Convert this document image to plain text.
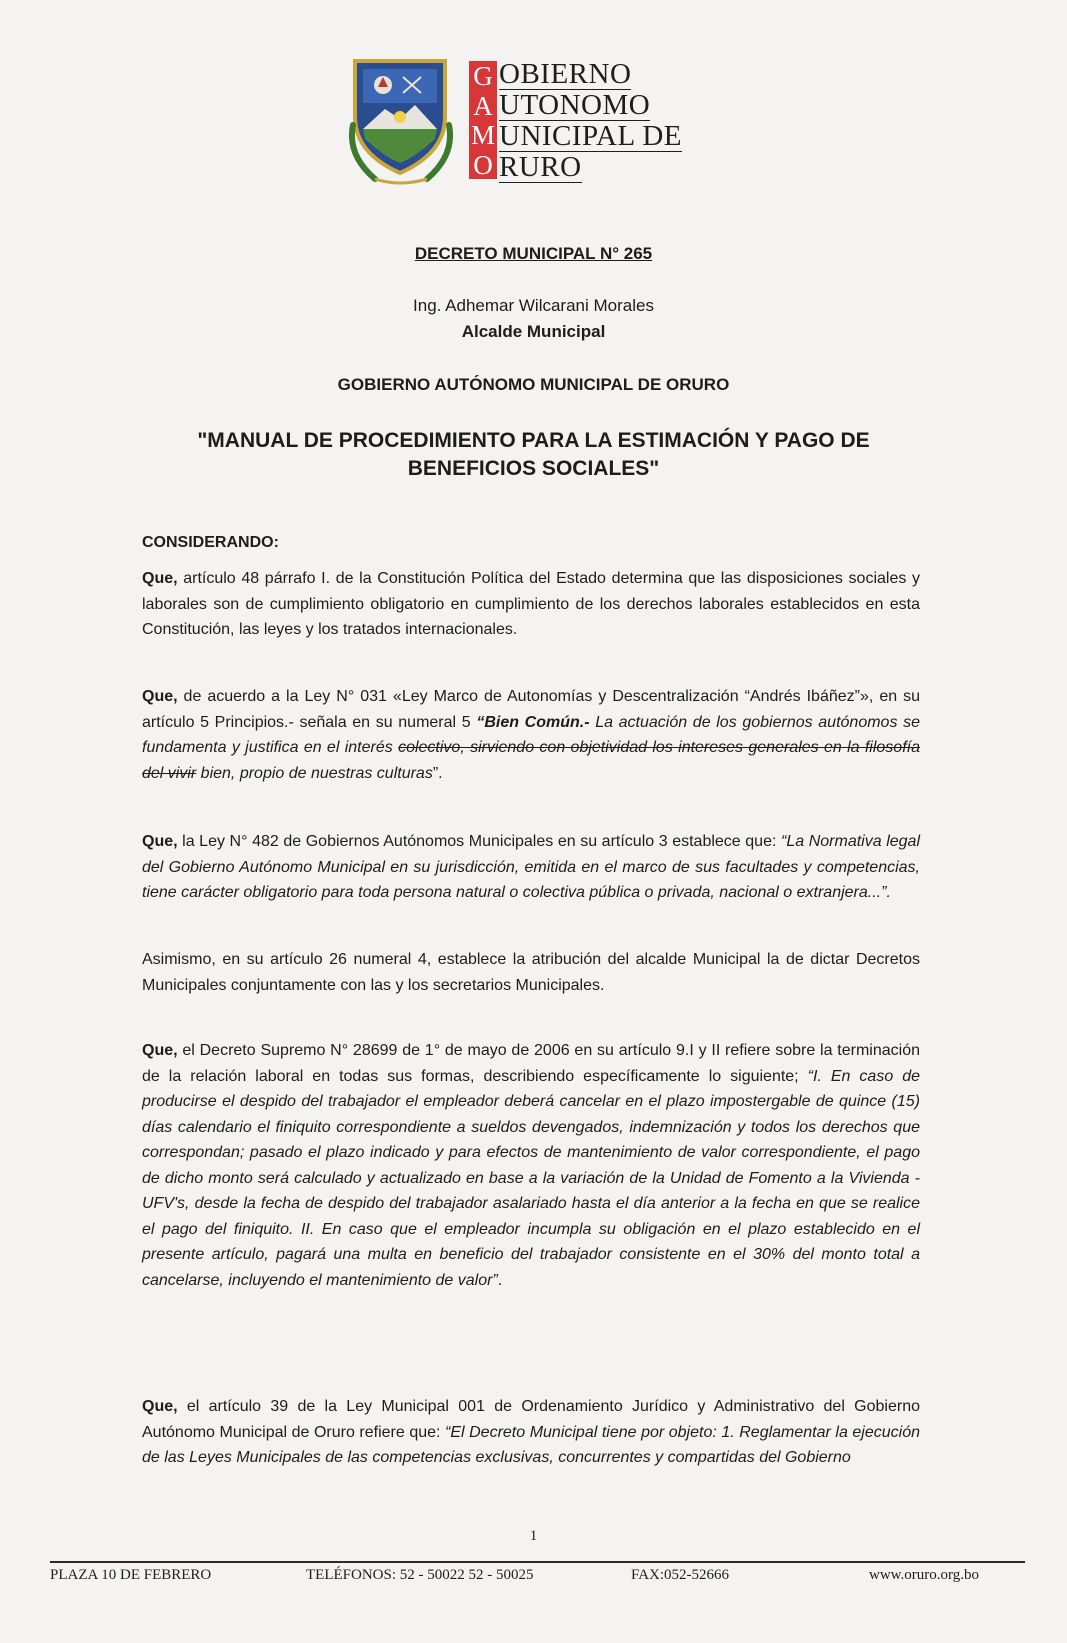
G
A
M
O
OBIERNO
UTONOMO
UNICIPAL DE
RURO
DECRETO MUNICIPAL N° 265
Ing. Adhemar Wilcarani Morales
Alcalde Municipal
GOBIERNO AUTÓNOMO MUNICIPAL DE ORURO
"MANUAL DE PROCEDIMIENTO PARA LA ESTIMACIÓN Y PAGO DE
BENEFICIOS SOCIALES"
CONSIDERANDO:
Que, artículo 48 párrafo I. de la Constitución Política del Estado determina que las disposiciones sociales y laborales son de cumplimiento obligatorio en cumplimiento de los derechos laborales establecidos en esta Constitución, las leyes y los tratados internacionales.
Que, de acuerdo a la Ley N° 031 «Ley Marco de Autonomías y Descentralización “Andrés Ibáñez”», en su artículo 5 Principios.- señala en su numeral 5 “Bien Común.- La actuación de los gobiernos autónomos se fundamenta y justifica en el interés colectivo, sirviendo con objetividad los intereses generales en la filosofía del vivir bien, propio de nuestras culturas”.
Que, la Ley N° 482 de Gobiernos Autónomos Municipales en su artículo 3 establece que: “La Normativa legal del Gobierno Autónomo Municipal en su jurisdicción, emitida en el marco de sus facultades y competencias, tiene carácter obligatorio para toda persona natural o colectiva pública o privada, nacional o extranjera...”.
Asimismo, en su artículo 26 numeral 4, establece la atribución del alcalde Municipal la de dictar Decretos Municipales conjuntamente con las y los secretarios Municipales.
Que, el Decreto Supremo N° 28699 de 1° de mayo de 2006 en su artículo 9.I y II refiere sobre la terminación de la relación laboral en todas sus formas, describiendo específicamente lo siguiente; “I. En caso de producirse el despido del trabajador el empleador deberá cancelar en el plazo impostergable de quince (15) días calendario el finiquito correspondiente a sueldos devengados, indemnización y todos los derechos que correspondan; pasado el plazo indicado y para efectos de mantenimiento de valor correspondiente, el pago de dicho monto será calculado y actualizado en base a la variación de la Unidad de Fomento a la Vivienda - UFV's, desde la fecha de despido del trabajador asalariado hasta el día anterior a la fecha en que se realice el pago del finiquito. II. En caso que el empleador incumpla su obligación en el plazo establecido en el presente artículo, pagará una multa en beneficio del trabajador consistente en el 30% del monto total a cancelarse, incluyendo el mantenimiento de valor”.
Que, el artículo 39 de la Ley Municipal 001 de Ordenamiento Jurídico y Administrativo del Gobierno Autónomo Municipal de Oruro refiere que: “El Decreto Municipal tiene por objeto: 1. Reglamentar la ejecución de las Leyes Municipales de las competencias exclusivas, concurrentes y compartidas del Gobierno
1
PLAZA 10 DE FEBRERO	TELÉFONOS: 52 - 50022 52 - 50025	FAX:052-52666	www.oruro.org.bo
